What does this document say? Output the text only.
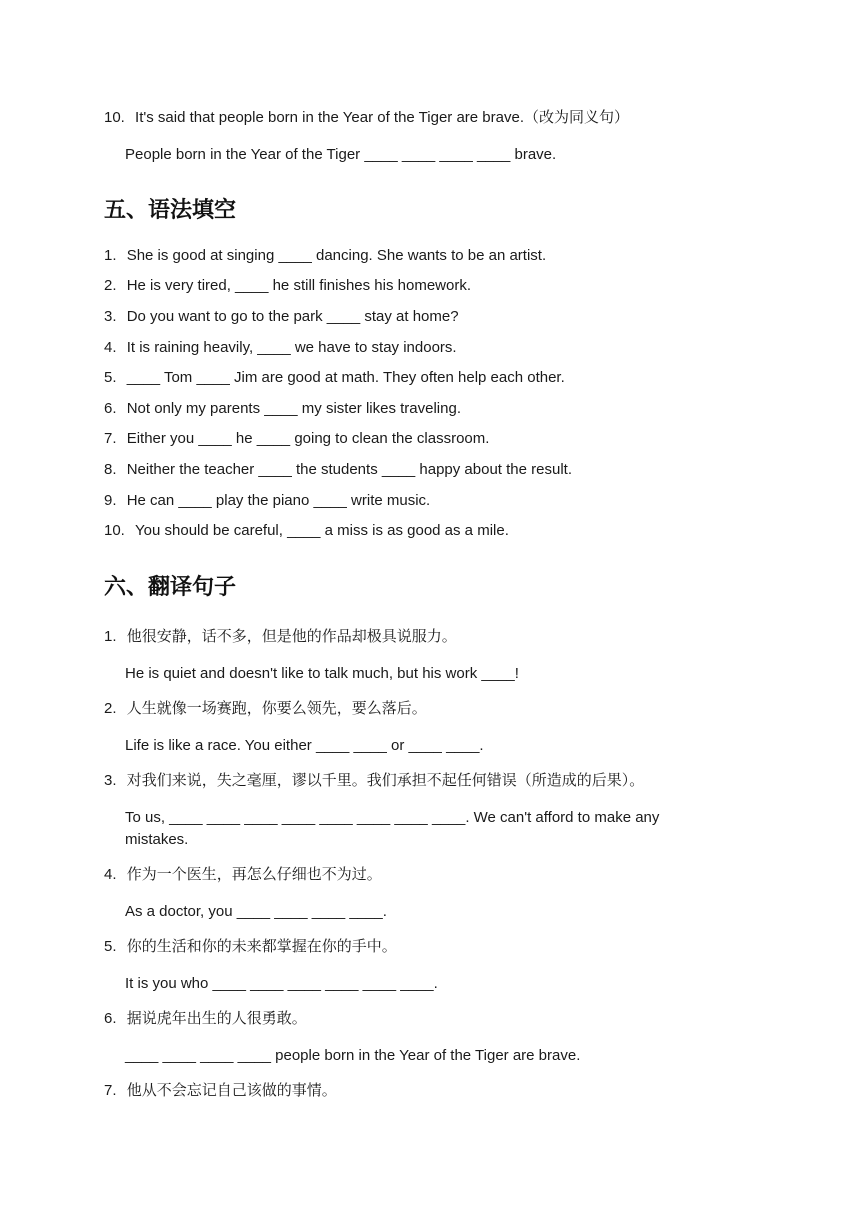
10. It's said that people born in the Year of the Tiger are brave.（改为同义句）
People born in the Year of the Tiger ____ ____ ____ ____ brave.
五、语法填空
1. She is good at singing ____ dancing. She wants to be an artist.
2. He is very tired, ____ he still finishes his homework.
3. Do you want to go to the park ____ stay at home?
4. It is raining heavily, ____ we have to stay indoors.
5. ____ Tom ____ Jim are good at math. They often help each other.
6. Not only my parents ____ my sister likes traveling.
7. Either you ____ he ____ going to clean the classroom.
8. Neither the teacher ____ the students ____ happy about the result.
9. He can ____ play the piano ____ write music.
10. You should be careful, ____ a miss is as good as a mile.
六、翻译句子
1. 他很安静，话不多，但是他的作品却极具说服力。
He is quiet and doesn't like to talk much, but his work ____!
2. 人生就像一场赛跑，你要么领先，要么落后。
Life is like a race. You either ____ ____ or ____ ____.
3. 对我们来说，失之毫厘，谬以千里。我们承担不起任何错误（所造成的后果）。
To us, ____ ____ ____ ____ ____ ____ ____ ____. We can't afford to make any mistakes.
4. 作为一个医生，再怎么仔细也不为过。
As a doctor, you ____ ____ ____ ____.
5. 你的生活和你的未来都掌握在你的手中。
It is you who ____ ____ ____ ____ ____ ____.
6. 据说虎年出生的人很勇敢。
____ ____ ____ ____ people born in the Year of the Tiger are brave.
7. 他从不会忘记自己该做的事情。
